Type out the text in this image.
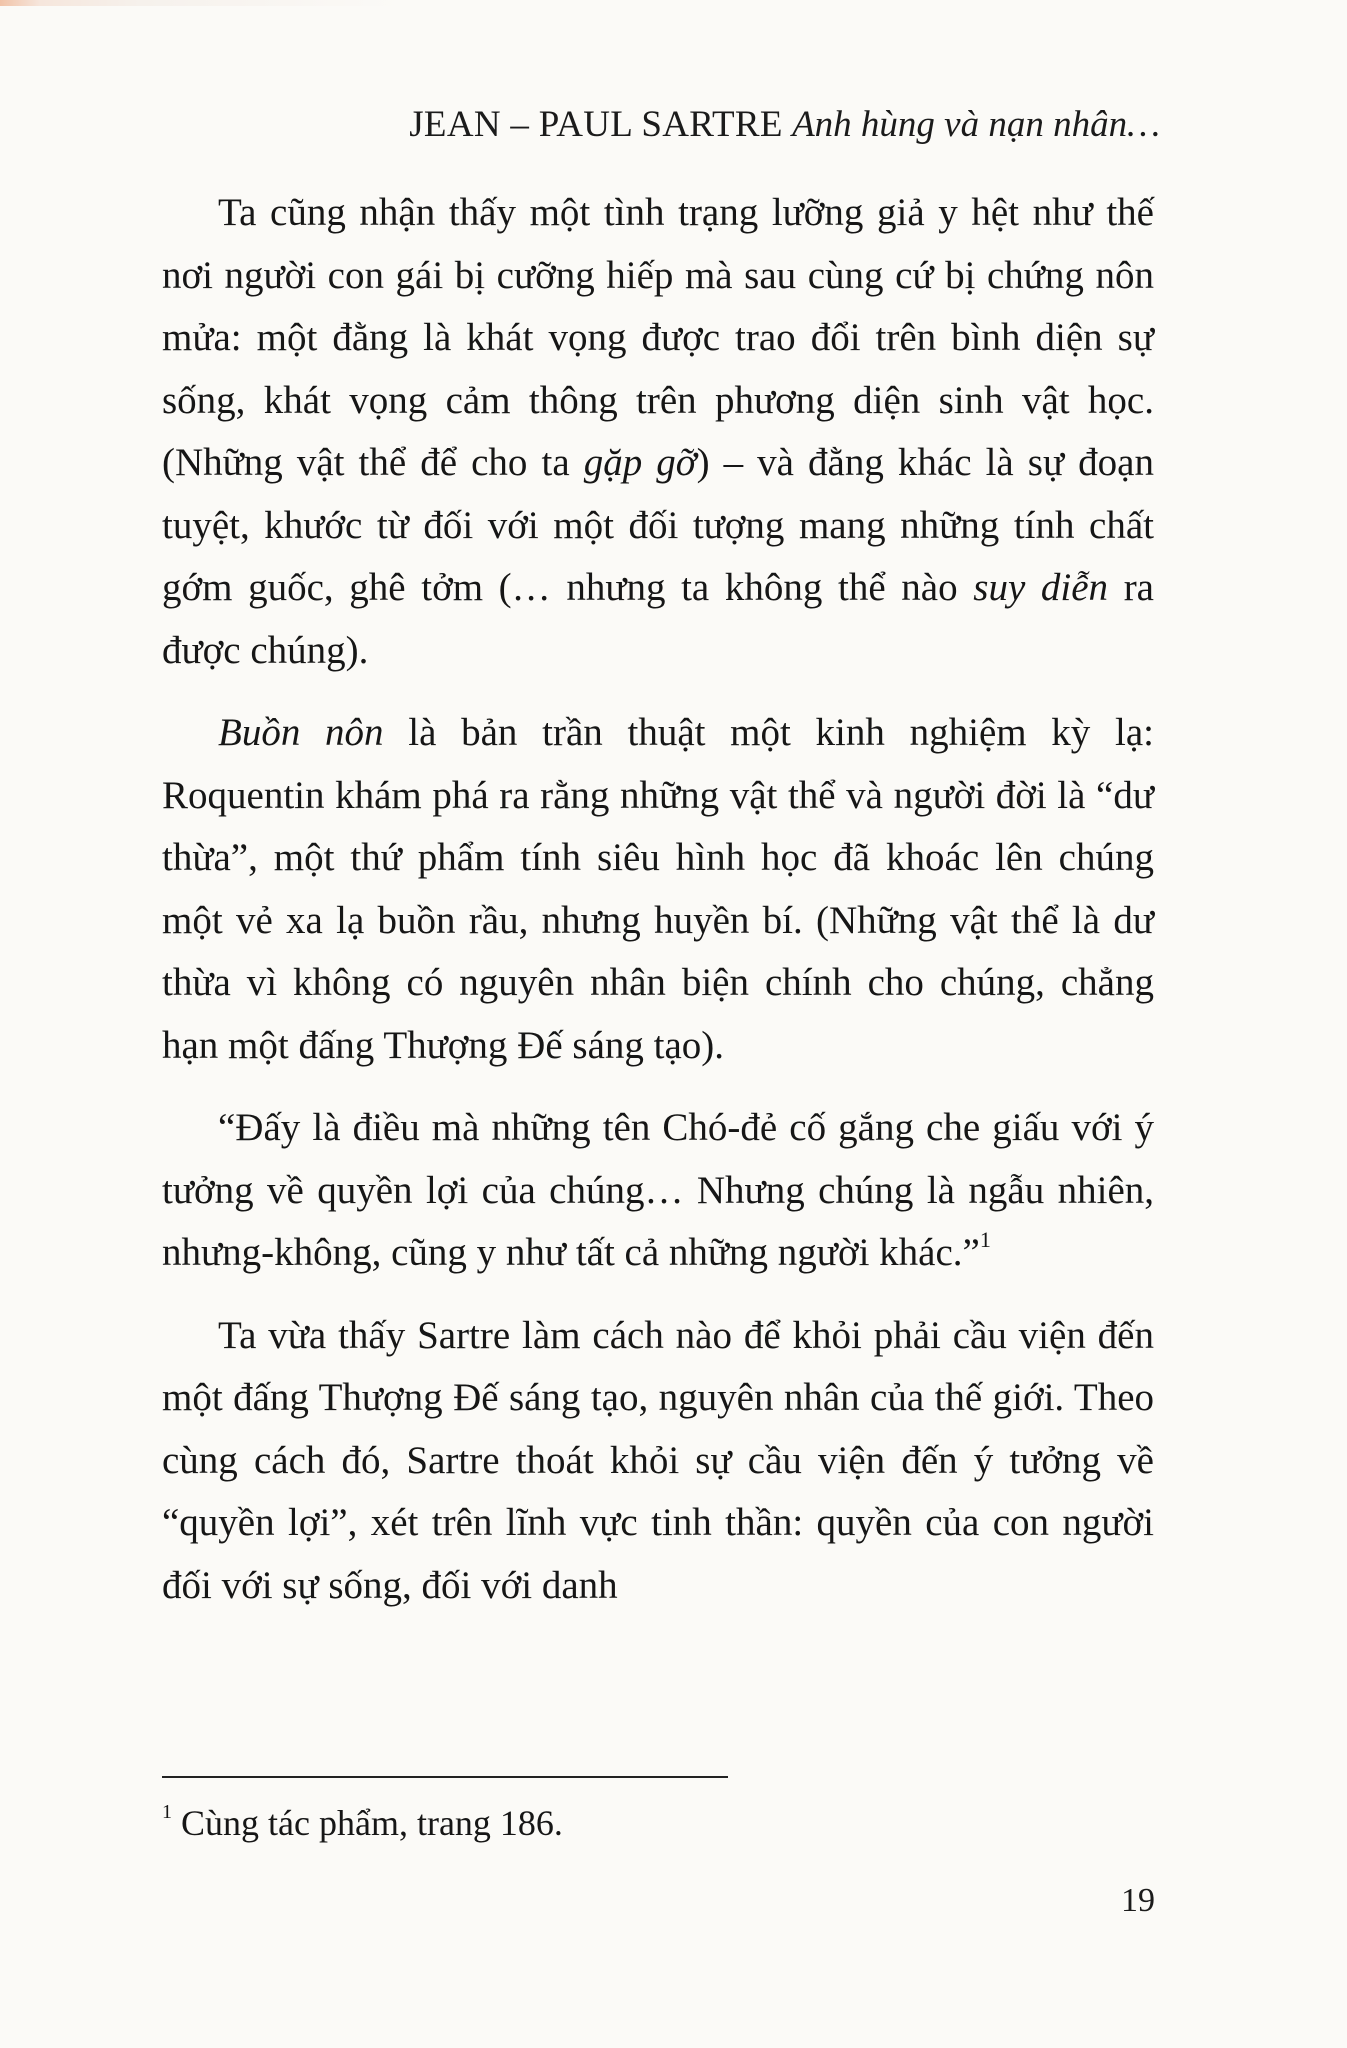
JEAN – PAUL SARTRE Anh hùng và nạn nhân…

Ta cũng nhận thấy một tình trạng lưỡng giả y hệt như thế nơi người con gái bị cưỡng hiếp mà sau cùng cứ bị chứng nôn mửa: một đằng là khát vọng được trao đổi trên bình diện sự sống, khát vọng cảm thông trên phương diện sinh vật học. (Những vật thể để cho ta gặp gỡ) – và đằng khác là sự đoạn tuyệt, khước từ đối với một đối tượng mang những tính chất gớm guốc, ghê tởm (… nhưng ta không thể nào suy diễn ra được chúng).

Buồn nôn là bản trần thuật một kinh nghiệm kỳ lạ: Roquentin khám phá ra rằng những vật thể và người đời là “dư thừa”, một thứ phẩm tính siêu hình học đã khoác lên chúng một vẻ xa lạ buồn rầu, nhưng huyền bí. (Những vật thể là dư thừa vì không có nguyên nhân biện chính cho chúng, chẳng hạn một đấng Thượng Đế sáng tạo).

“Đấy là điều mà những tên Chó-đẻ cố gắng che giấu với ý tưởng về quyền lợi của chúng… Nhưng chúng là ngẫu nhiên, nhưng-không, cũng y như tất cả những người khác.”$^1$

Ta vừa thấy Sartre làm cách nào để khỏi phải cầu viện đến một đấng Thượng Đế sáng tạo, nguyên nhân của thế giới. Theo cùng cách đó, Sartre thoát khỏi sự cầu viện đến ý tưởng về “quyền lợi”, xét trên lĩnh vực tinh thần: quyền của con người đối với sự sống, đối với danh

$^1$ Cùng tác phẩm, trang 186.
19
